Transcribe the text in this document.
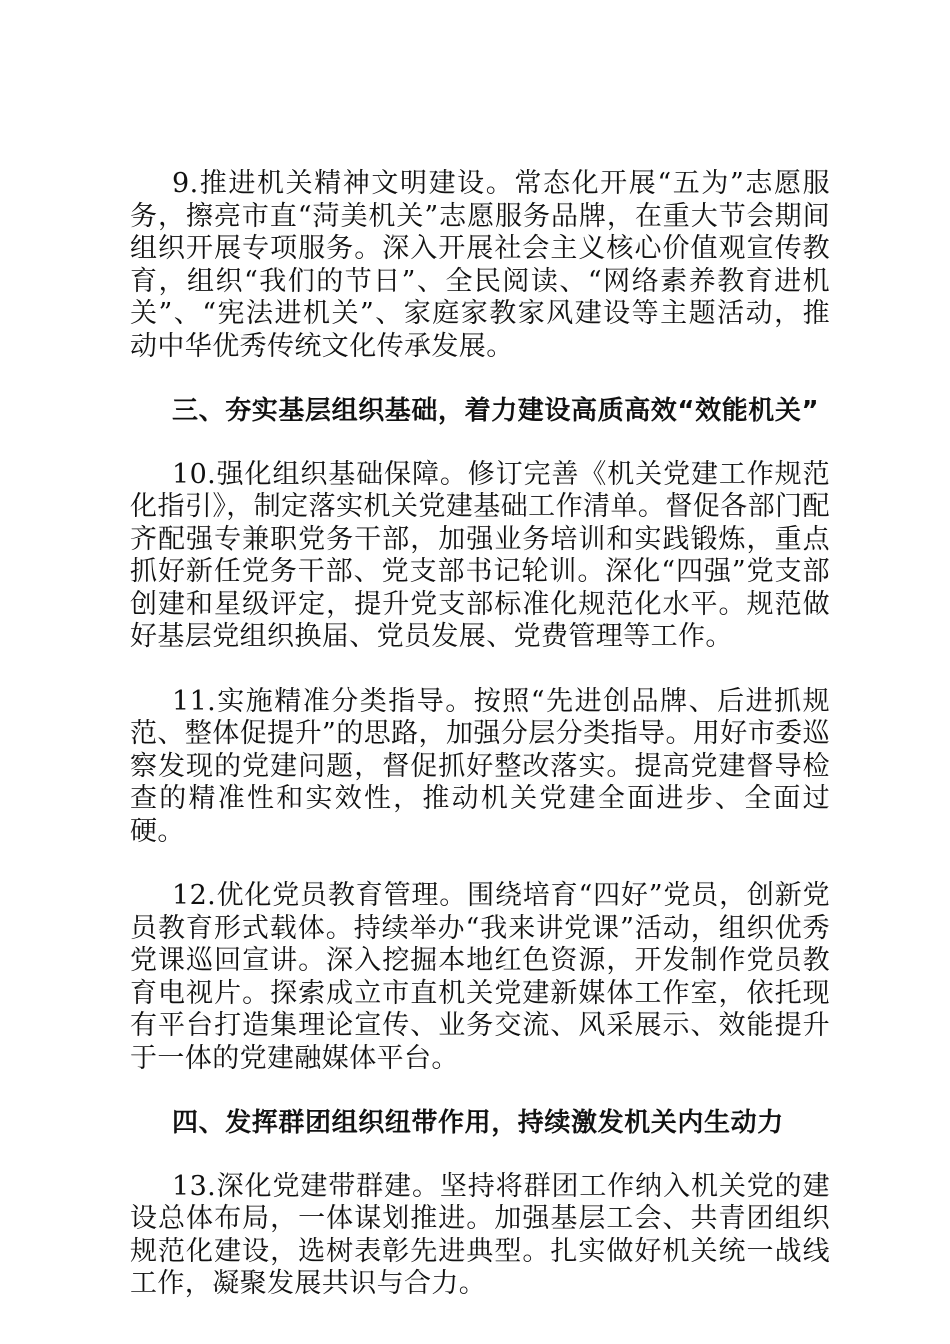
9.推进机关精神文明建设。常态化开展“五为”志愿服务，擦亮市直“菏美机关”志愿服务品牌，在重大节会期间组织开展专项服务。深入开展社会主义核心价值观宣传教育，组织“我们的节日”、全民阅读、“网络素养教育进机关”、“宪法进机关”、家庭家教家风建设等主题活动，推动中华优秀传统文化传承发展。

三、夯实基层组织基础，着力建设高质高效“效能机关”

10.强化组织基础保障。修订完善《机关党建工作规范化指引》，制定落实机关党建基础工作清单。督促各部门配齐配强专兼职党务干部，加强业务培训和实践锻炼，重点抓好新任党务干部、党支部书记轮训。深化“四强”党支部创建和星级评定，提升党支部标准化规范化水平。规范做好基层党组织换届、党员发展、党费管理等工作。

11.实施精准分类指导。按照“先进创品牌、后进抓规范、整体促提升”的思路，加强分层分类指导。用好市委巡察发现的党建问题，督促抓好整改落实。提高党建督导检查的精准性和实效性，推动机关党建全面进步、全面过硬。

12.优化党员教育管理。围绕培育“四好”党员，创新党员教育形式载体。持续举办“我来讲党课”活动，组织优秀党课巡回宣讲。深入挖掘本地红色资源，开发制作党员教育电视片。探索成立市直机关党建新媒体工作室，依托现有平台打造集理论宣传、业务交流、风采展示、效能提升于一体的党建融媒体平台。

四、发挥群团组织纽带作用，持续激发机关内生动力

13.深化党建带群建。坚持将群团工作纳入机关党的建设总体布局，一体谋划推进。加强基层工会、共青团组织规范化建设，选树表彰先进典型。扎实做好机关统一战线工作，凝聚发展共识与合力。
